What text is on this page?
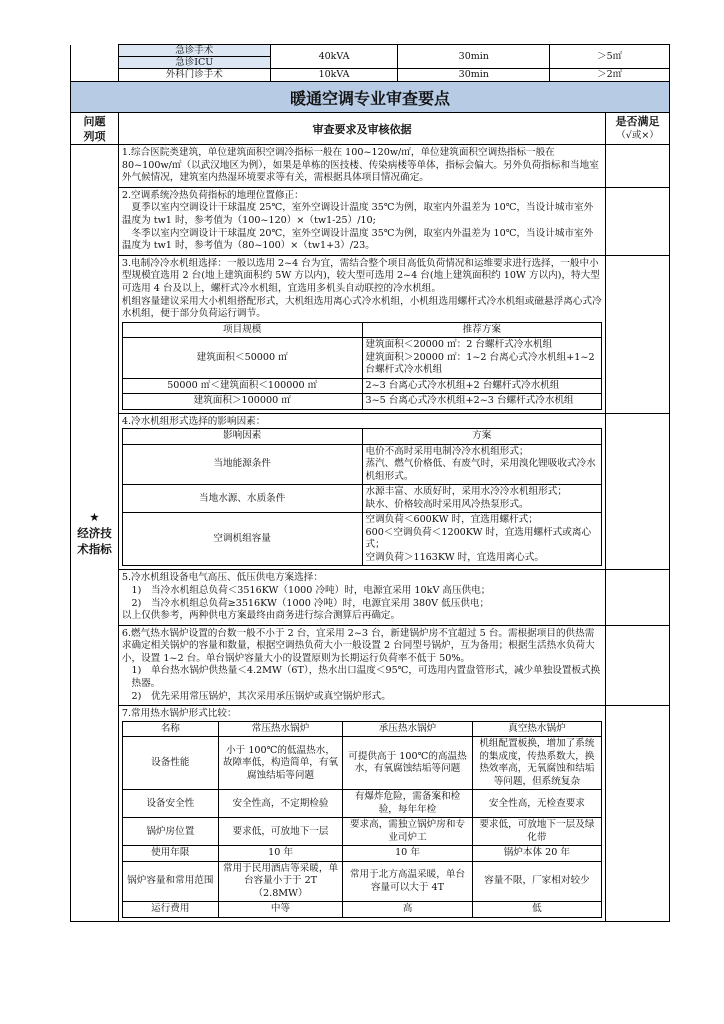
	急诊手术	40kVA	30min	＞5㎡
	急诊ICU			
	外科门诊手术	10kVA	30min	＞2㎡
暖通空调专业审查要点
问题
列项	审查要求及审核依据	
是否满足
（√或×）

★
经济技
术指标	1.综合医院类建筑，单位建筑面积空调冷指标一般在 100~120w/㎡，单位建筑面积空调热指标一般在 80~100w/㎡（以武汉地区为例），如果是单栋的医技楼、传染病楼等单体，指标会偏大。另外负荷指标和当地室外气候情况，建筑室内热湿环境要求等有关，需根据具体项目情况确定。	

2.空调系统冷热负荷指标的地理位置修正：
夏季以室内空调设计干球温度 25℃，室外空调设计温度 35℃为例，取室内外温差为 10℃，当设计城市室外温度为 tw1 时，参考值为（100~120）×（tw1-25）/10;
冬季以室内空调设计干球温度 20℃，室外空调设计温度 35℃为例，取室内外温差为 10℃，当设计城市室外温度为 tw1 时，参考值为（80~100）×（tw1+3）/23。

3.电制冷冷水机组选择：一般以选用 2~4 台为宜，需结合整个项目高低负荷情况和运维要求进行选择，一般中小型规模宜选用 2 台(地上建筑面积约 5W 方以内)，较大型可选用 2~4 台(地上建筑面积约 10W 方以内)，特大型可选用 4 台及以上，螺杆式冷水机组，宜选用多机头自动联控的冷水机组。
机组容量建议采用大小机组搭配形式，大机组选用离心式冷水机组，小机组选用螺杆式冷水机组或磁悬浮离心式冷水机组，便于部分负荷运行调节。
项目规模	推荐方案
建筑面积＜50000 ㎡	建筑面积＜20000 ㎡：2 台螺杆式冷水机组
建筑面积＞20000 ㎡：1~2 台离心式冷水机组+1~2 台螺杆式冷水机组
50000 ㎡＜建筑面积＜100000 ㎡	2~3 台离心式冷水机组+2 台螺杆式冷水机组
建筑面积＞100000 ㎡	3~5 台离心式冷水机组+2~3 台螺杆式冷水机组

4.冷水机组形式选择的影响因素：
影响因素	方案
当地能源条件	电价不高时采用电制冷冷水机组形式；
蒸汽、燃气价格低、有废气时，采用溴化锂吸收式冷水机组形式。
当地水源、水质条件	水源丰富、水质好时，采用水冷冷水机组形式；
缺水、价格较高时采用风冷热泵形式。
空调机组容量	空调负荷＜600KW 时，宜选用螺杆式；
600＜空调负荷＜1200KW 时，宜选用螺杆式或离心式；
空调负荷＞1163KW 时，宜选用离心式。

5.冷水机组设备电气高压、低压供电方案选择：
1)　当冷水机组总负荷＜3516KW（1000 冷吨）时，电源宜采用 10kV 高压供电；
2)　当冷水机组总负荷≥3516KW（1000 冷吨）时，电源宜采用 380V 低压供电；
以上仅供参考，两种供电方案最终由商务进行综合测算后再确定。

6.燃气热水锅炉设置的台数一般不小于 2 台，宜采用 2~3 台，新建锅炉房不宜超过 5 台。需根据项目的供热需求确定相关锅炉的容量和数量，根据空调热负荷大小一般设置 2 台同型号锅炉，互为备用；根据生活热水负荷大小，设置 1~2 台。单台锅炉容量大小的设置原则为长期运行负荷率不低于 50%。
1)　单台热水锅炉供热量＜4.2MW（6T），热水出口温度＜95℃，可选用内置盘管形式，减少单独设置板式换热器。
2)　优先采用常压锅炉，其次采用承压锅炉或真空锅炉形式。

7.常用热水锅炉形式比较：
名称	常压热水锅炉	承压热水锅炉	真空热水锅炉
设备性能	小于 100℃的低温热水，故障率低，构造简单，有氧腐蚀结垢等问题	可提供高于 100℃的高温热水，有氧腐蚀结垢等问题	机组配置板换，增加了系统的集成度，传热系数大，换热效率高，无氧腐蚀和结垢等问题，但系统复杂
设备安全性	安全性高，不定期检验	有爆炸危险，需备案和检验，每年年检	安全性高，无检查要求
锅炉房位置	要求低，可放地下一层	要求高，需独立锅炉房和专业司炉工	要求低，可放地下一层及绿化带
使用年限	10 年	10 年	锅炉本体 20 年
锅炉容量和常用范围	常用于民用酒店等采暖，单台容量小于于 2T（2.8MW）	常用于北方高温采暖，单台容量可以大于 4T	容量不限，厂家相对较少
运行费用	中等	高	低
